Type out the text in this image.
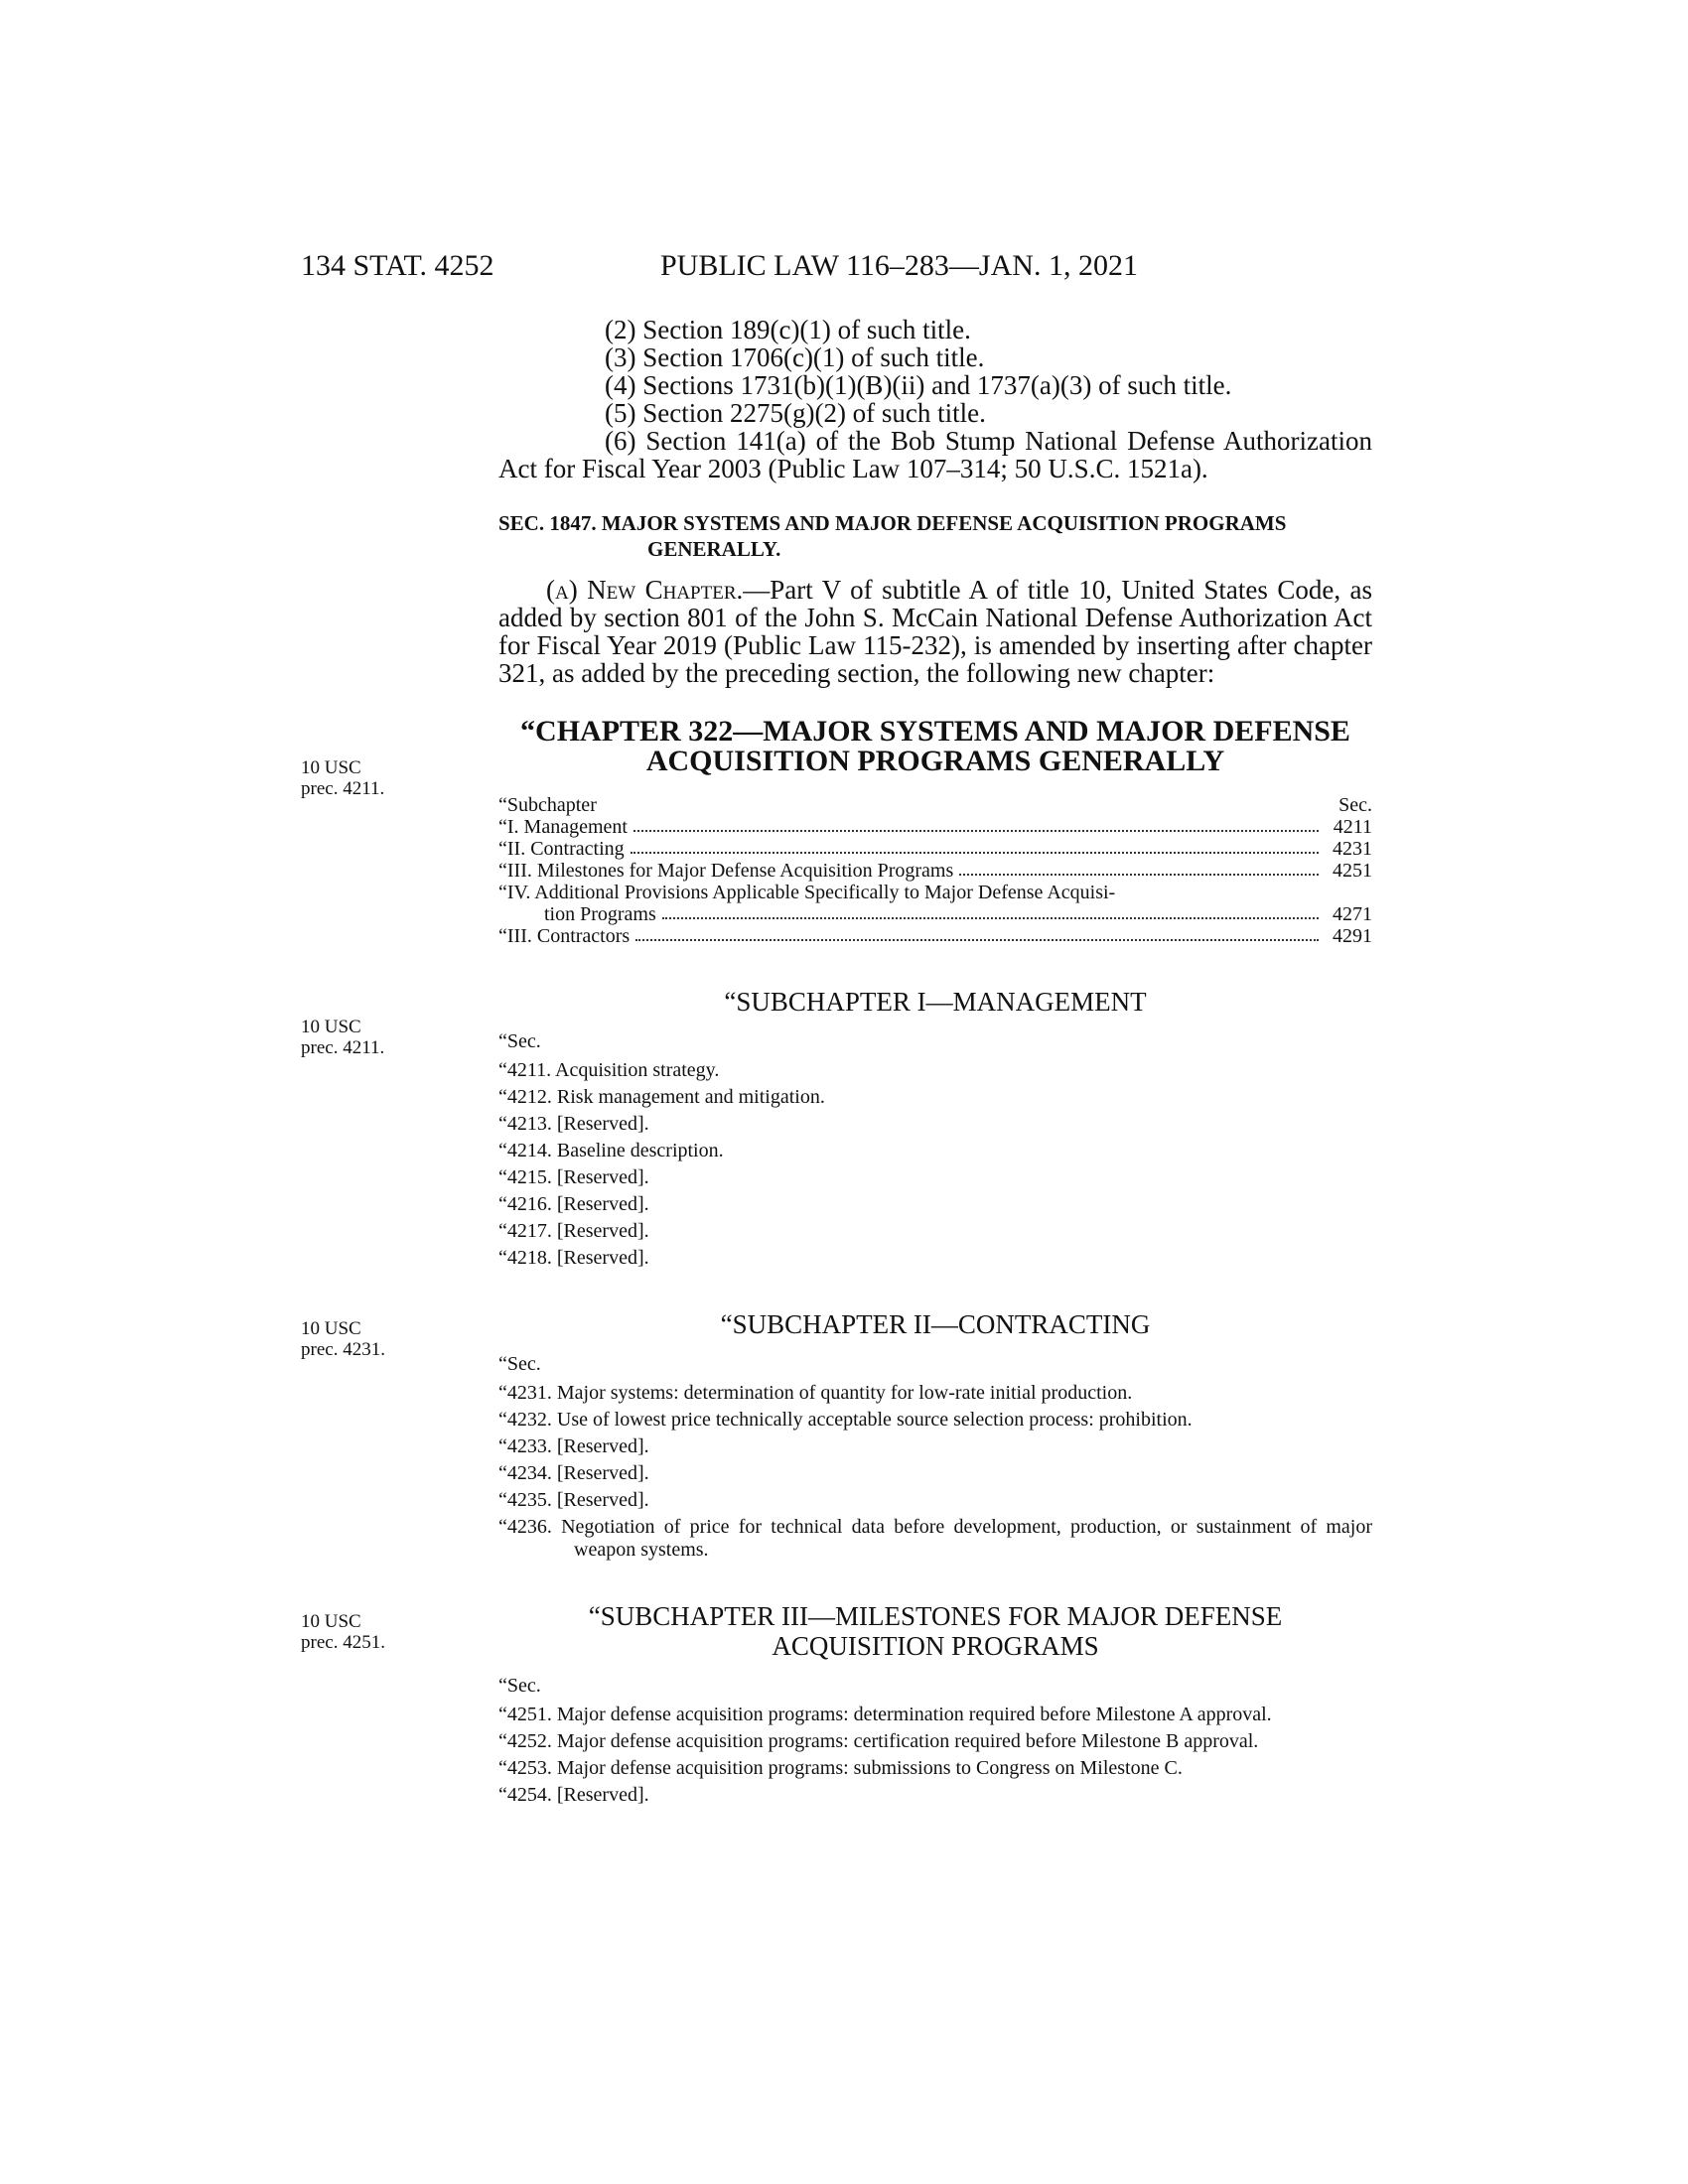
134 STAT. 4252	PUBLIC LAW 116–283—JAN. 1, 2021
10 USC
prec. 4211.
10 USC
prec. 4211.
10 USC
prec. 4231.
10 USC
prec. 4251.

(2) Section 189(c)(1) of such title.

(3) Section 1706(c)(1) of such title.

(4) Sections 1731(b)(1)(B)(ii) and 1737(a)(3) of such title.

(5) Section 2275(g)(2) of such title.

(6) Section 141(a) of the Bob Stump National Defense Authorization Act for Fiscal Year 2003 (Public Law 107–314; 50 U.S.C. 1521a).

SEC. 1847. MAJOR SYSTEMS AND MAJOR DEFENSE ACQUISITION PROGRAMS GENERALLY.

(a) New Chapter.—Part V of subtitle A of title 10, United States Code, as added by section 801 of the John S. McCain National Defense Authorization Act for Fiscal Year 2019 (Public Law 115-232), is amended by inserting after chapter 321, as added by the preceding section, the following new chapter:

“CHAPTER 322—MAJOR SYSTEMS AND MAJOR DEFENSE
ACQUISITION PROGRAMS GENERALLY
“Subchapter	Sec.
“I. Management	4211
“II. Contracting	4231
“III. Milestones for Major Defense Acquisition Programs	4251
“IV. Additional Provisions Applicable Specifically to Major Defense Acquisi-
tion Programs	4271
“III. Contractors	4291
“SUBCHAPTER I—MANAGEMENT
“Sec.
“4211. Acquisition strategy.
“4212. Risk management and mitigation.
“4213. [Reserved].
“4214. Baseline description.
“4215. [Reserved].
“4216. [Reserved].
“4217. [Reserved].
“4218. [Reserved].
“SUBCHAPTER II—CONTRACTING
“Sec.
“4231. Major systems: determination of quantity for low-rate initial production.
“4232. Use of lowest price technically acceptable source selection process: prohibition.
“4233. [Reserved].
“4234. [Reserved].
“4235. [Reserved].
“4236. Negotiation of price for technical data before development, production, or sustainment of major weapon systems.
“SUBCHAPTER III—MILESTONES FOR MAJOR DEFENSE
ACQUISITION PROGRAMS
“Sec.
“4251. Major defense acquisition programs: determination required before Milestone A approval.
“4252. Major defense acquisition programs: certification required before Milestone B approval.
“4253. Major defense acquisition programs: submissions to Congress on Milestone C.
“4254. [Reserved].
